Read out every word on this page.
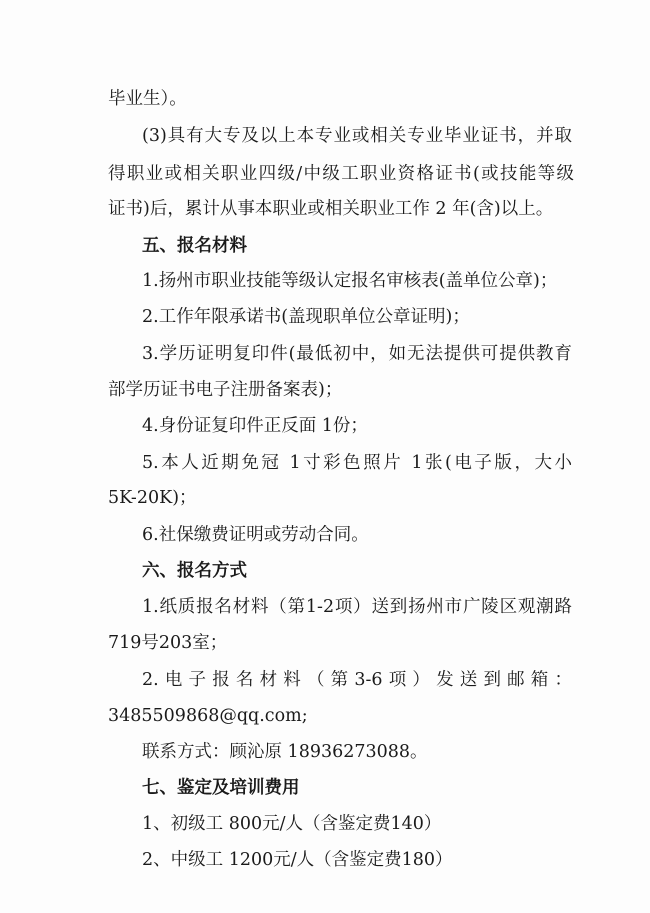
毕业生）。
(3)具有大专及以上本专业或相关专业毕业证书，并取
得职业或相关职业四级/中级工职业资格证书(或技能等级
证书)后，累计从事本职业或相关职业工作 2 年(含)以上。
五、报名材料
1.扬州市职业技能等级认定报名审核表(盖单位公章)；
2.工作年限承诺书(盖现职单位公章证明)；
3.学历证明复印件(最低初中，如无法提供可提供教育
部学历证书电子注册备案表)；
4.身份证复印件正反面 1份；
5.本人近期免冠 1寸彩色照片 1张(电子版，大小
5K-20K)；
6.社保缴费证明或劳动合同。
六、报名方式
1.纸质报名材料（第1-2项）送到扬州市广陵区观潮路
719号203室；
2.电子报名材料（第3-6项）发送到邮箱：
3485509868@qq.com;
联系方式：顾沁原 18936273088。
七、鉴定及培训费用
1、初级工 800元/人（含鉴定费140）
2、中级工 1200元/人（含鉴定费180）
